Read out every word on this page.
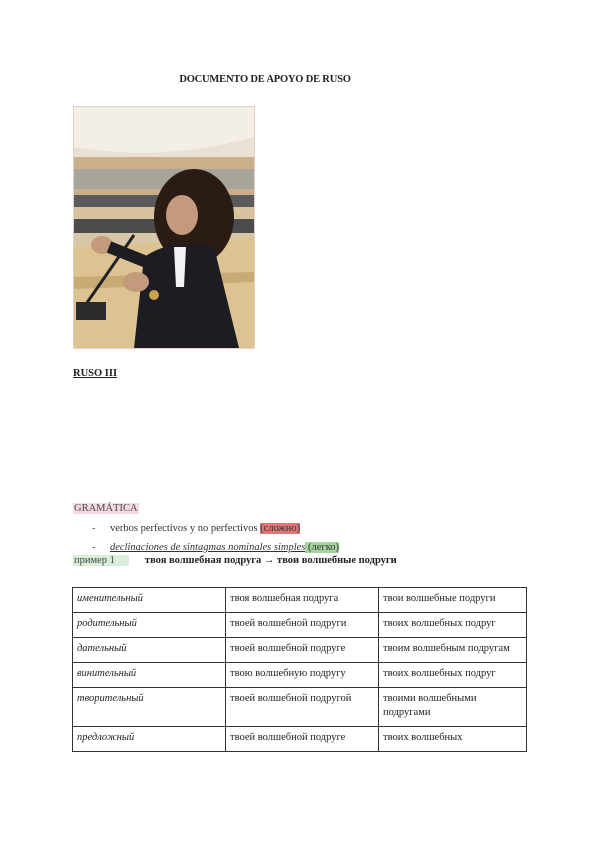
DOCUMENTO DE APOYO DE RUSO
RUSO III
GRAMÁTICA
-	verbos perfectivos y no perfectivos (сложно)
-	declinaciones de sintagmas nominales simples (легко)
пример 1	твоя волшебная подруга → твои волшебные подруги
именительный	твоя волшебная подруга	твои волшебные подруги
родительный	твоей волшебной подруги	твоих волшебных подруг
дательный	твоей волшебной подруге	твоим волшебным подругам
винительный	твою волшебную подругу	твоих волшебных подруг
творительный	твоей волшебной подругой	твоими волшебными подругами
предложный	твоей волшебной подруге	твоих волшебных
